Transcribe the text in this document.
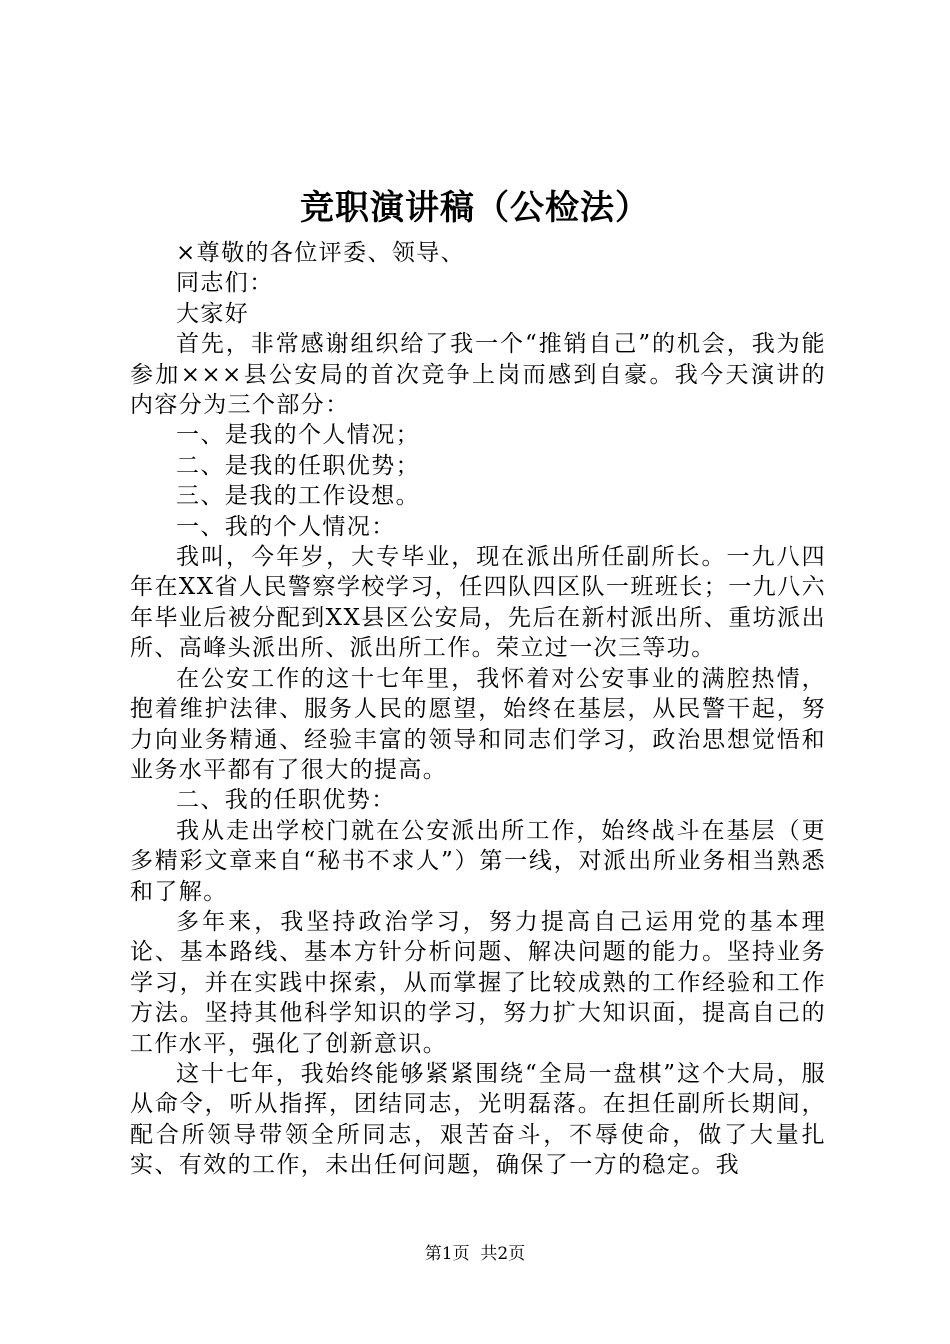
竞职演讲稿（公检法）

×尊敬的各位评委、领导、

同志们：

大家好

首先，非常感谢组织给了我一个“推销自己”的机会，我为能参加×××县公安局的首次竞争上岗而感到自豪。我今天演讲的内容分为三个部分：

一、是我的个人情况；

二、是我的任职优势；

三、是我的工作设想。

一、我的个人情况：

我叫，今年岁，大专毕业，现在派出所任副所长。一九八四年在XX省人民警察学校学习，任四队四区队一班班长；一九八六年毕业后被分配到XX县区公安局，先后在新村派出所、重坊派出所、高峰头派出所、派出所工作。荣立过一次三等功。

在公安工作的这十七年里，我怀着对公安事业的满腔热情，抱着维护法律、服务人民的愿望，始终在基层，从民警干起，努力向业务精通、经验丰富的领导和同志们学习，政治思想觉悟和业务水平都有了很大的提高。

二、我的任职优势：

我从走出学校门就在公安派出所工作，始终战斗在基层（更多精彩文章来自“秘书不求人”）第一线，对派出所业务相当熟悉和了解。

多年来，我坚持政治学习，努力提高自己运用党的基本理论、基本路线、基本方针分析问题、解决问题的能力。坚持业务学习，并在实践中探索，从而掌握了比较成熟的工作经验和工作方法。坚持其他科学知识的学习，努力扩大知识面，提高自己的工作水平，强化了创新意识。

这十七年，我始终能够紧紧围绕“全局一盘棋”这个大局，服从命令，听从指挥，团结同志，光明磊落。在担任副所长期间，配合所领导带领全所同志，艰苦奋斗，不辱使命，做了大量扎实、有效的工作，未出任何问题，确保了一方的稳定。我

第1页  共2页
